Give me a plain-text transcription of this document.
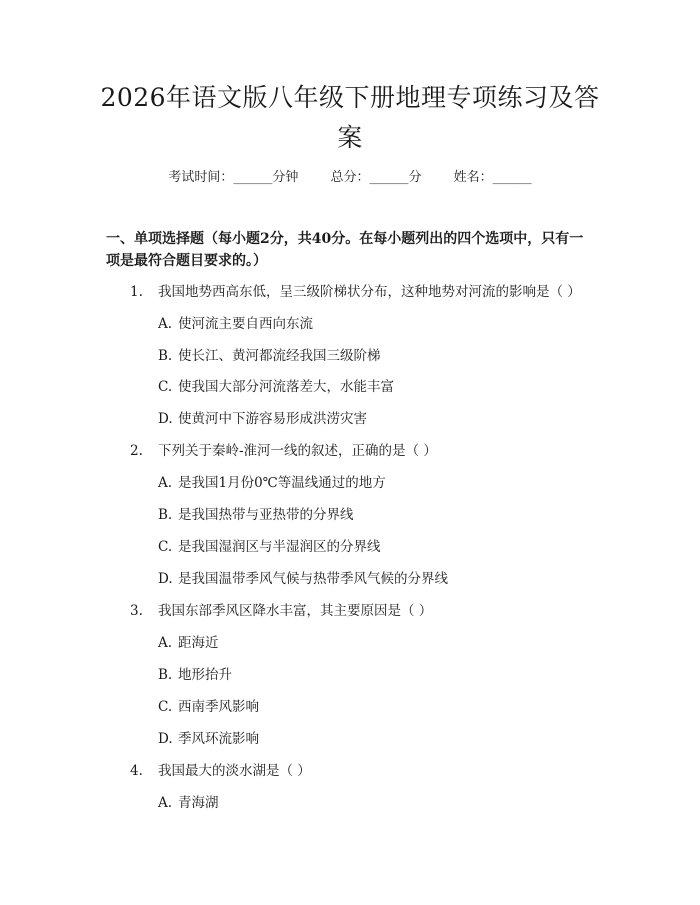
2026年语文版八年级下册地理专项练习及答案
考试时间：______分钟 总分：______分 姓名：______
一、单项选择题（每小题2分，共40分。在每小题列出的四个选项中，只有一项是最符合题目要求的。）
1. 我国地势西高东低，呈三级阶梯状分布，这种地势对河流的影响是（ ）
A. 使河流主要自西向东流
B. 使长江、黄河都流经我国三级阶梯
C. 使我国大部分河流落差大，水能丰富
D. 使黄河中下游容易形成洪涝灾害
2. 下列关于秦岭-淮河一线的叙述，正确的是（ ）
A. 是我国1月份0℃等温线通过的地方
B. 是我国热带与亚热带的分界线
C. 是我国湿润区与半湿润区的分界线
D. 是我国温带季风气候与热带季风气候的分界线
3. 我国东部季风区降水丰富，其主要原因是（ ）
A. 距海近
B. 地形抬升
C. 西南季风影响
D. 季风环流影响
4. 我国最大的淡水湖是（ ）
A. 青海湖
